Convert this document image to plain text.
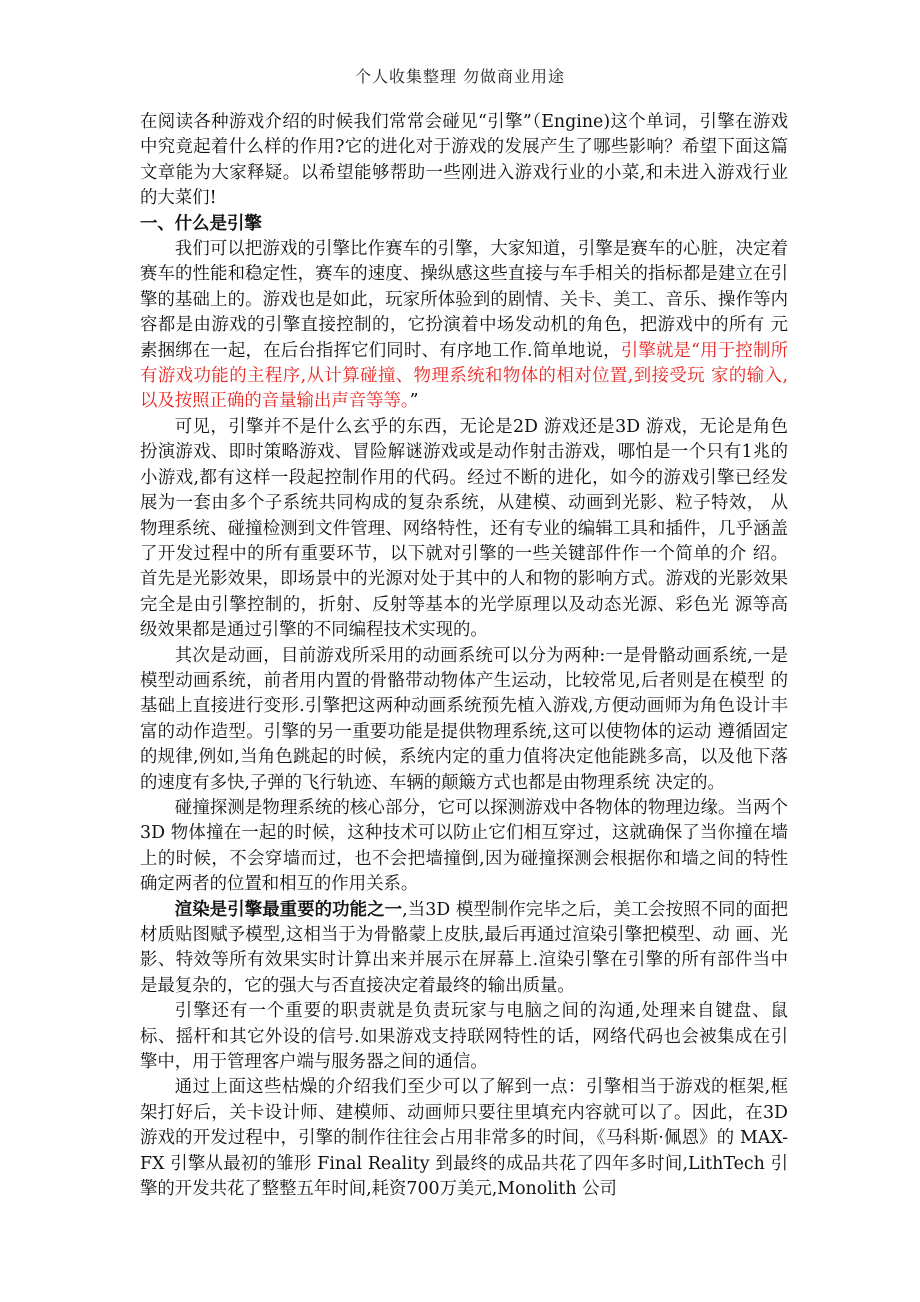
个人收集整理 勿做商业用途

在阅读各种游戏介绍的时候我们常常会碰见“引擎”（Engine)这个单词，引擎在游戏中究竟起着什么样的作用?它的进化对于游戏的发展产生了哪些影响？希望下面这篇文章能为大家释疑。以希望能够帮助一些刚进入游戏行业的小菜,和未进入游戏行业的大菜们!

一、什么是引擎

我们可以把游戏的引擎比作赛车的引擎，大家知道，引擎是赛车的心脏，决定着赛车的性能和稳定性，赛车的速度、操纵感这些直接与车手相关的指标都是建立在引 擎的基础上的。游戏也是如此，玩家所体验到的剧情、关卡、美工、音乐、操作等内容都是由游戏的引擎直接控制的，它扮演着中场发动机的角色，把游戏中的所有 元素捆绑在一起，在后台指挥它们同时、有序地工作.简单地说，引擎就是“用于控制所有游戏功能的主程序,从计算碰撞、物理系统和物体的相对位置,到接受玩 家的输入,以及按照正确的音量输出声音等等。”

可见，引擎并不是什么玄乎的东西，无论是2D 游戏还是3D 游戏，无论是角色扮演游戏、即时策略游戏、冒险解谜游戏或是动作射击游戏，哪怕是一个只有1兆的 小游戏,都有这样一段起控制作用的代码。经过不断的进化，如今的游戏引擎已经发展为一套由多个子系统共同构成的复杂系统，从建模、动画到光影、粒子特效， 从物理系统、碰撞检测到文件管理、网络特性，还有专业的编辑工具和插件，几乎涵盖了开发过程中的所有重要环节，以下就对引擎的一些关键部件作一个简单的介 绍。首先是光影效果，即场景中的光源对处于其中的人和物的影响方式。游戏的光影效果完全是由引擎控制的，折射、反射等基本的光学原理以及动态光源、彩色光 源等高级效果都是通过引擎的不同编程技术实现的。

其次是动画，目前游戏所采用的动画系统可以分为两种:一是骨骼动画系统,一是模型动画系统，前者用内置的骨骼带动物体产生运动，比较常见,后者则是在模型 的基础上直接进行变形.引擎把这两种动画系统预先植入游戏,方便动画师为角色设计丰富的动作造型。引擎的另一重要功能是提供物理系统,这可以使物体的运动 遵循固定的规律,例如,当角色跳起的时候，系统内定的重力值将决定他能跳多高，以及他下落的速度有多快,子弹的飞行轨迹、车辆的颠簸方式也都是由物理系统 决定的。

碰撞探测是物理系统的核心部分，它可以探测游戏中各物体的物理边缘。当两个3D 物体撞在一起的时候，这种技术可以防止它们相互穿过，这就确保了当你撞在墙 上的时候，不会穿墙而过，也不会把墙撞倒,因为碰撞探测会根据你和墙之间的特性确定两者的位置和相互的作用关系。

渲染是引擎最重要的功能之一,当3D 模型制作完毕之后，美工会按照不同的面把材质贴图赋予模型,这相当于为骨骼蒙上皮肤,最后再通过渲染引擎把模型、动 画、光影、特效等所有效果实时计算出来并展示在屏幕上.渲染引擎在引擎的所有部件当中是最复杂的，它的强大与否直接决定着最终的输出质量。

引擎还有一个重要的职责就是负责玩家与电脑之间的沟通,处理来自键盘、鼠标、摇杆和其它外设的信号.如果游戏支持联网特性的话，网络代码也会被集成在引擎中，用于管理客户端与服务器之间的通信。

通过上面这些枯燥的介绍我们至少可以了解到一点：引擎相当于游戏的框架,框架打好后，关卡设计师、建模师、动画师只要往里填充内容就可以了。因此，在3D 游戏的开发过程中，引擎的制作往往会占用非常多的时间，《马科斯·佩恩》的 MAX-FX 引擎从最初的雏形 Final Reality 到最终的成品共花了四年多时间,LithTech 引擎的开发共花了整整五年时间,耗资700万美元,Monolith 公司
